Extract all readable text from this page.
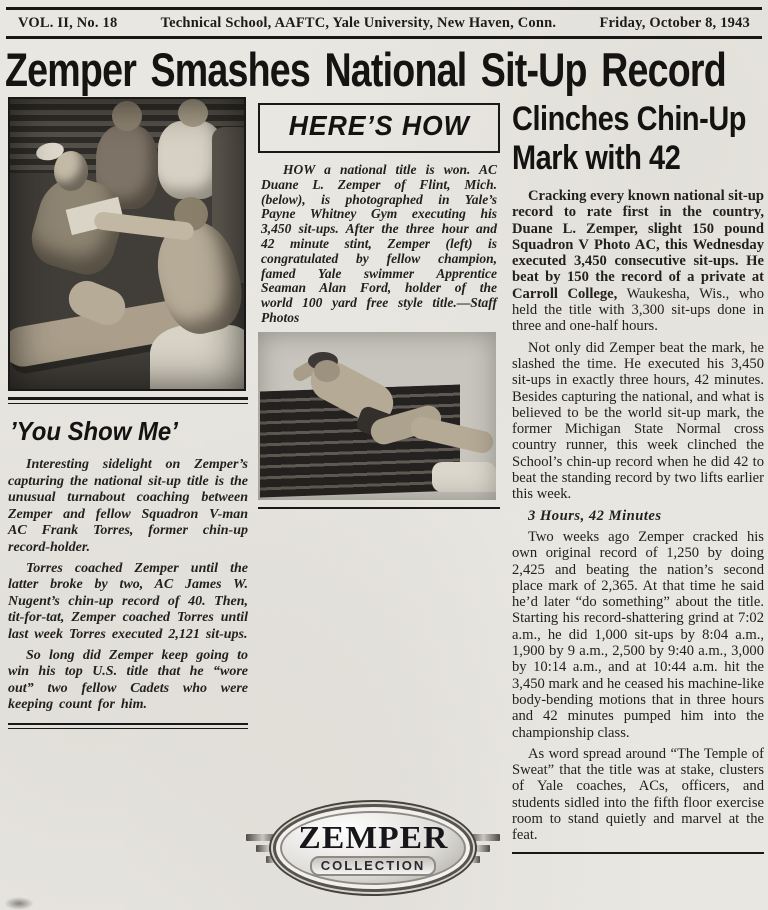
VOL. II, No. 18	Technical School, AAFTC, Yale University, New Haven, Conn.	Friday, October 8, 1943
Zemper Smashes National Sit-Up Record
’You Show Me’

Interesting sidelight on Zemper’s capturing the national sit-up title is the unusual turnabout coaching between Zemper and fellow Squadron V-man AC Frank Torres, former chin-up record-holder.

Torres coached Zemper until the latter broke by two, AC James W. Nugent’s chin-up record of 40. Then, tit-for-tat, Zemper coached Torres until last week Torres executed 2,121 sit-ups.

So long did Zemper keep going to win his top U.S. title that he “wore out” two fellow Cadets who were keeping count for him.

HERE’S HOW

HOW a national title is won. AC Duane L. Zemper of Flint, Mich. (below), is photographed in Yale’s Payne Whitney Gym executing his 3,450 sit-ups. After the three hour and 42 minute stint, Zemper (left) is congratulated by fellow champion, famed Yale swimmer Apprentice Seaman Alan Ford, holder of the world 100 yard free style title.—Staff Photos

Clinches Chin-Up
Mark with 42

Cracking every known national sit-up record to rate first in the country, Duane L. Zemper, slight 150 pound Squadron V Photo AC, this Wednesday executed 3,450 consecutive sit-ups. He beat by 150 the record of a private at Carroll College, Waukesha, Wis., who held the title with 3,300 sit-ups done in three and one-half hours.

Not only did Zemper beat the mark, he slashed the time. He executed his 3,450 sit-ups in exactly three hours, 42 minutes. Besides capturing the national, and what is believed to be the world sit-up mark, the former Michigan State Normal cross country runner, this week clinched the School’s chin-up record when he did 42 to beat the standing record by two lifts earlier this week.

3 Hours, 42 Minutes

Two weeks ago Zemper cracked his own original record of 1,250 by doing 2,425 and beating the nation’s second place mark of 2,365. At that time he said he’d later “do something” about the title. Starting his record-shattering grind at 7:02 a.m., he did 1,000 sit-ups by 8:04 a.m., 1,900 by 9 a.m., 2,500 by 9:40 a.m., 3,000 by 10:14 a.m., and at 10:44 a.m. hit the 3,450 mark and he ceased his machine-like body-bending motions that in three hours and 42 minutes pumped him into the championship class.

As word spread around “The Temple of Sweat” that the title was at stake, clusters of Yale coaches, ACs, officers, and students sidled into the fifth floor exercise room to stand quietly and marvel at the feat.

ZEMPER
COLLECTION
